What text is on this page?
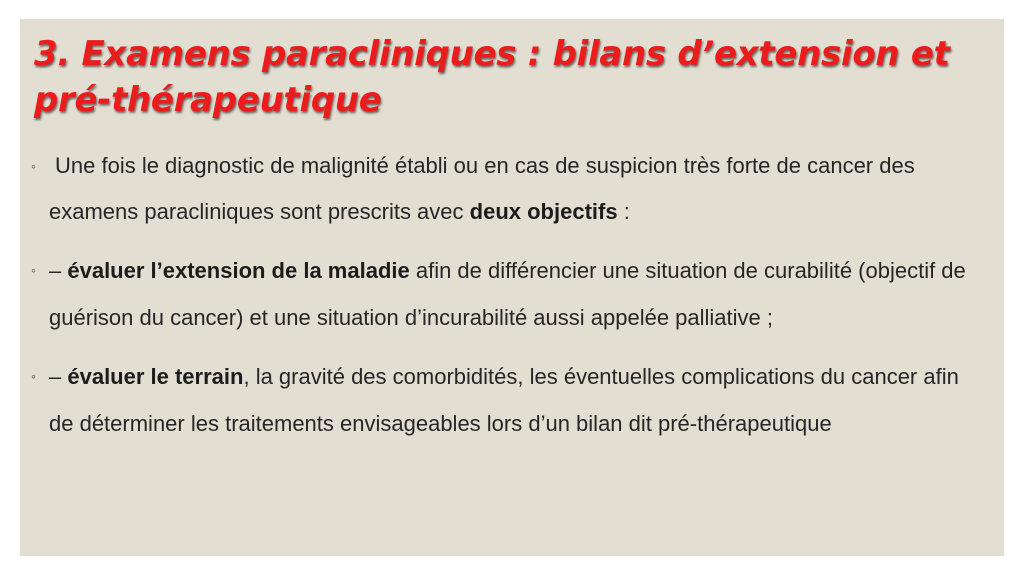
3. Examens paracliniques : bilans d’extension et pré-thérapeutique
◦ Une fois le diagnostic de malignité établi ou en cas de suspicion très forte de cancer des examens paracliniques sont prescrits avec deux objectifs :
◦ – évaluer l’extension de la maladie afin de différencier une situation de curabilité (objectif de guérison du cancer) et une situation d’incurabilité aussi appelée palliative ;
◦ – évaluer le terrain, la gravité des comorbidités, les éventuelles complications du cancer afin de déterminer les traitements envisageables lors d’un bilan dit pré-thérapeutique
